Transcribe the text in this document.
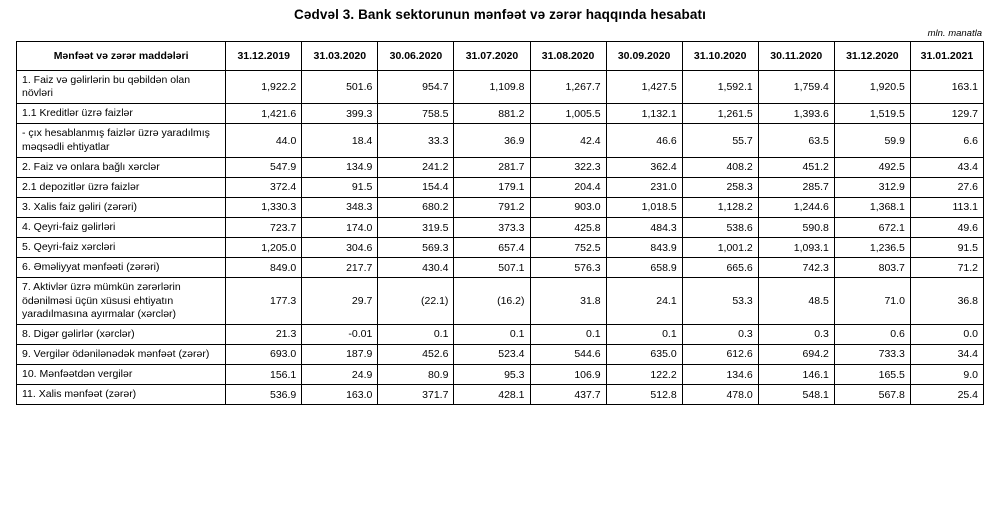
Cədvəl 3. Bank sektorunun mənfəət və zərər haqqında hesabatı
mln. manatla
Mənfəət və zərər maddələri	31.12.2019	31.03.2020	30.06.2020	31.07.2020	31.08.2020	30.09.2020	31.10.2020	30.11.2020	31.12.2020	31.01.2021
1. Faiz və gəlirlərin bu qəbildən olan növləri	1,922.2	501.6	954.7	1,109.8	1,267.7	1,427.5	1,592.1	1,759.4	1,920.5	163.1
1.1 Kreditlər üzrə faizlər	1,421.6	399.3	758.5	881.2	1,005.5	1,132.1	1,261.5	1,393.6	1,519.5	129.7
- çıx hesablanmış faizlər üzrə yaradılmış məqsədli ehtiyatlar	44.0	18.4	33.3	36.9	42.4	46.6	55.7	63.5	59.9	6.6
2. Faiz və onlara bağlı xərclər	547.9	134.9	241.2	281.7	322.3	362.4	408.2	451.2	492.5	43.4
2.1 depozitlər üzrə faizlər	372.4	91.5	154.4	179.1	204.4	231.0	258.3	285.7	312.9	27.6
3. Xalis faiz gəliri (zərəri)	1,330.3	348.3	680.2	791.2	903.0	1,018.5	1,128.2	1,244.6	1,368.1	113.1
4. Qeyri-faiz gəlirləri	723.7	174.0	319.5	373.3	425.8	484.3	538.6	590.8	672.1	49.6
5. Qeyri-faiz xərcləri	1,205.0	304.6	569.3	657.4	752.5	843.9	1,001.2	1,093.1	1,236.5	91.5
6. Əməliyyat mənfəəti (zərəri)	849.0	217.7	430.4	507.1	576.3	658.9	665.6	742.3	803.7	71.2
7. Aktivlər üzrə mümkün zərərlərin ödənilməsi üçün xüsusi ehtiyatın yaradılmasına ayırmalar (xərclər)	177.3	29.7	(22.1)	(16.2)	31.8	24.1	53.3	48.5	71.0	36.8
8. Digər gəlirlər (xərclər)	21.3	-0.01	0.1	0.1	0.1	0.1	0.3	0.3	0.6	0.0
9. Vergilər ödənilənədək mənfəət (zərər)	693.0	187.9	452.6	523.4	544.6	635.0	612.6	694.2	733.3	34.4
10. Mənfəətdən vergilər	156.1	24.9	80.9	95.3	106.9	122.2	134.6	146.1	165.5	9.0
11. Xalis mənfəət (zərər)	536.9	163.0	371.7	428.1	437.7	512.8	478.0	548.1	567.8	25.4
